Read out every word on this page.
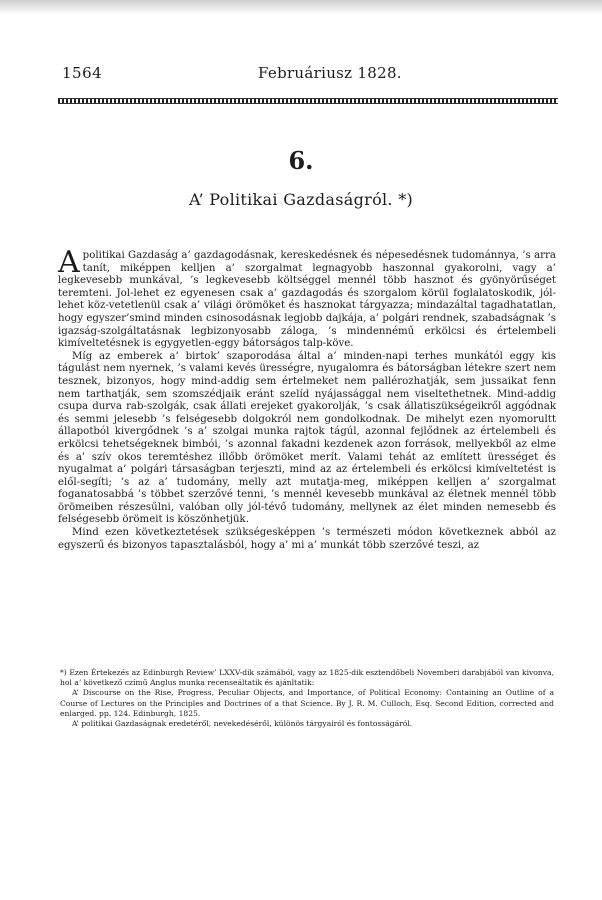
1564	Februáriusz 1828.
6.
A’ Politikai Gazdaságról. *)

Apolitikai Gazdaság a’ gazdagodásnak, kereskedésnek és népesedésnek tudománnya, ’s arra tanít, miképpen kelljen a’ szorgalmat legnagyobb haszonnal gyakorolni, vagy a’ legkevesebb munkával, ’s legkevesebb költséggel mennél több hasznot és gyönyörűséget teremteni. Jol-lehet ez egyenesen csak a’ gazdagodás és szorgalom körül foglalatoskodik, jól-lehet köz-vetetlenül csak a’ világi örömöket és hasznokat tárgyazza; mindazáltal tagadhatatlan, hogy egyszer’smind minden csinosodásnak legjobb dajkája, a’ polgári rendnek, szabadságnak ’s igazság-szolgáltatásnak legbizonyosabb záloga, ’s mindennémű erkölcsi és értelembeli kimíveltetésnek is egygyetlen-eggy bátorságos talp-köve.

Míg az emberek a’ birtok’ szaporodása által a’ minden-napi terhes munkától eggy kis tágulást nem nyernek, ’s valami kevés ürességre, nyugalomra és bátorságban létekre szert nem tesznek, bizonyos, hogy mind-addig sem értelmeket nem pallérozhatják, sem jussaikat fenn nem tarthatják, sem szomszédjaik eránt szelíd nyájassággal nem viseltethetnek. Mind-addig csupa durva rab-szolgák, csak állati erejeket gyakorolják, ’s csak állatiszükségeikről aggódnak és semmi jelesebb ’s felségesebb dolgokról nem gondolkodnak. De mihelyt ezen nyomorultt állapotból kivergődnek ’s a’ szolgai munka rajtok tágúl, azonnal fejlődnek az értelembeli és erkölcsi tehetségeknek bimbói, ’s azonnal fakadni kezdenek azon források, mellyekből az elme és a’ szív okos teremtéshez illőbb örömöket merít. Valami tehát az említett ürességet és nyugalmat a’ polgári társaságban terjeszti, mind az az értelembeli és erkölcsi kimíveltetést is elől-segíti; ’s az a’ tudomány, melly azt mutatja-meg, miképpen kelljen a’ szorgalmat foganatosabbá ’s többet szerzővé tenni, ’s mennél kevesebb munkával az életnek mennél több örömeiben részesűlni, valóban olly jól-tévő tudomány, mellynek az élet minden nemesebb és felségesebb örömeit is köszönhetjük.

Mind ezen következtetések szükségesképpen ’s természeti módon következnek abból az egyszerű és bizonyos tapasztalásból, hogy a’ mi a’ munkát több szerzővé teszi, az

*) Ezen Értekezés az Edinburgh Review’ LXXV-dik számából, vagy az 1825-dik esztendőbeli Novemberi darabjából van kivonva, hol a’ következő czímű Anglus munka recenseáltatik és ajánltatik:

A’ Discourse on the Rise, Progress, Peculiar Objects, and Importance, of Political Economy: Containing an Outline of a Course of Lectures on the Principles and Doctrines of a that Science. By J. R. M. Culloch, Esq. Second Edition, corrected and enlarged. pp. 124. Edinburgh, 1825.

A’ politikai Gazdaságnak eredetéről, nevekedéséről, különös tárgyairól és fontosságáról.
